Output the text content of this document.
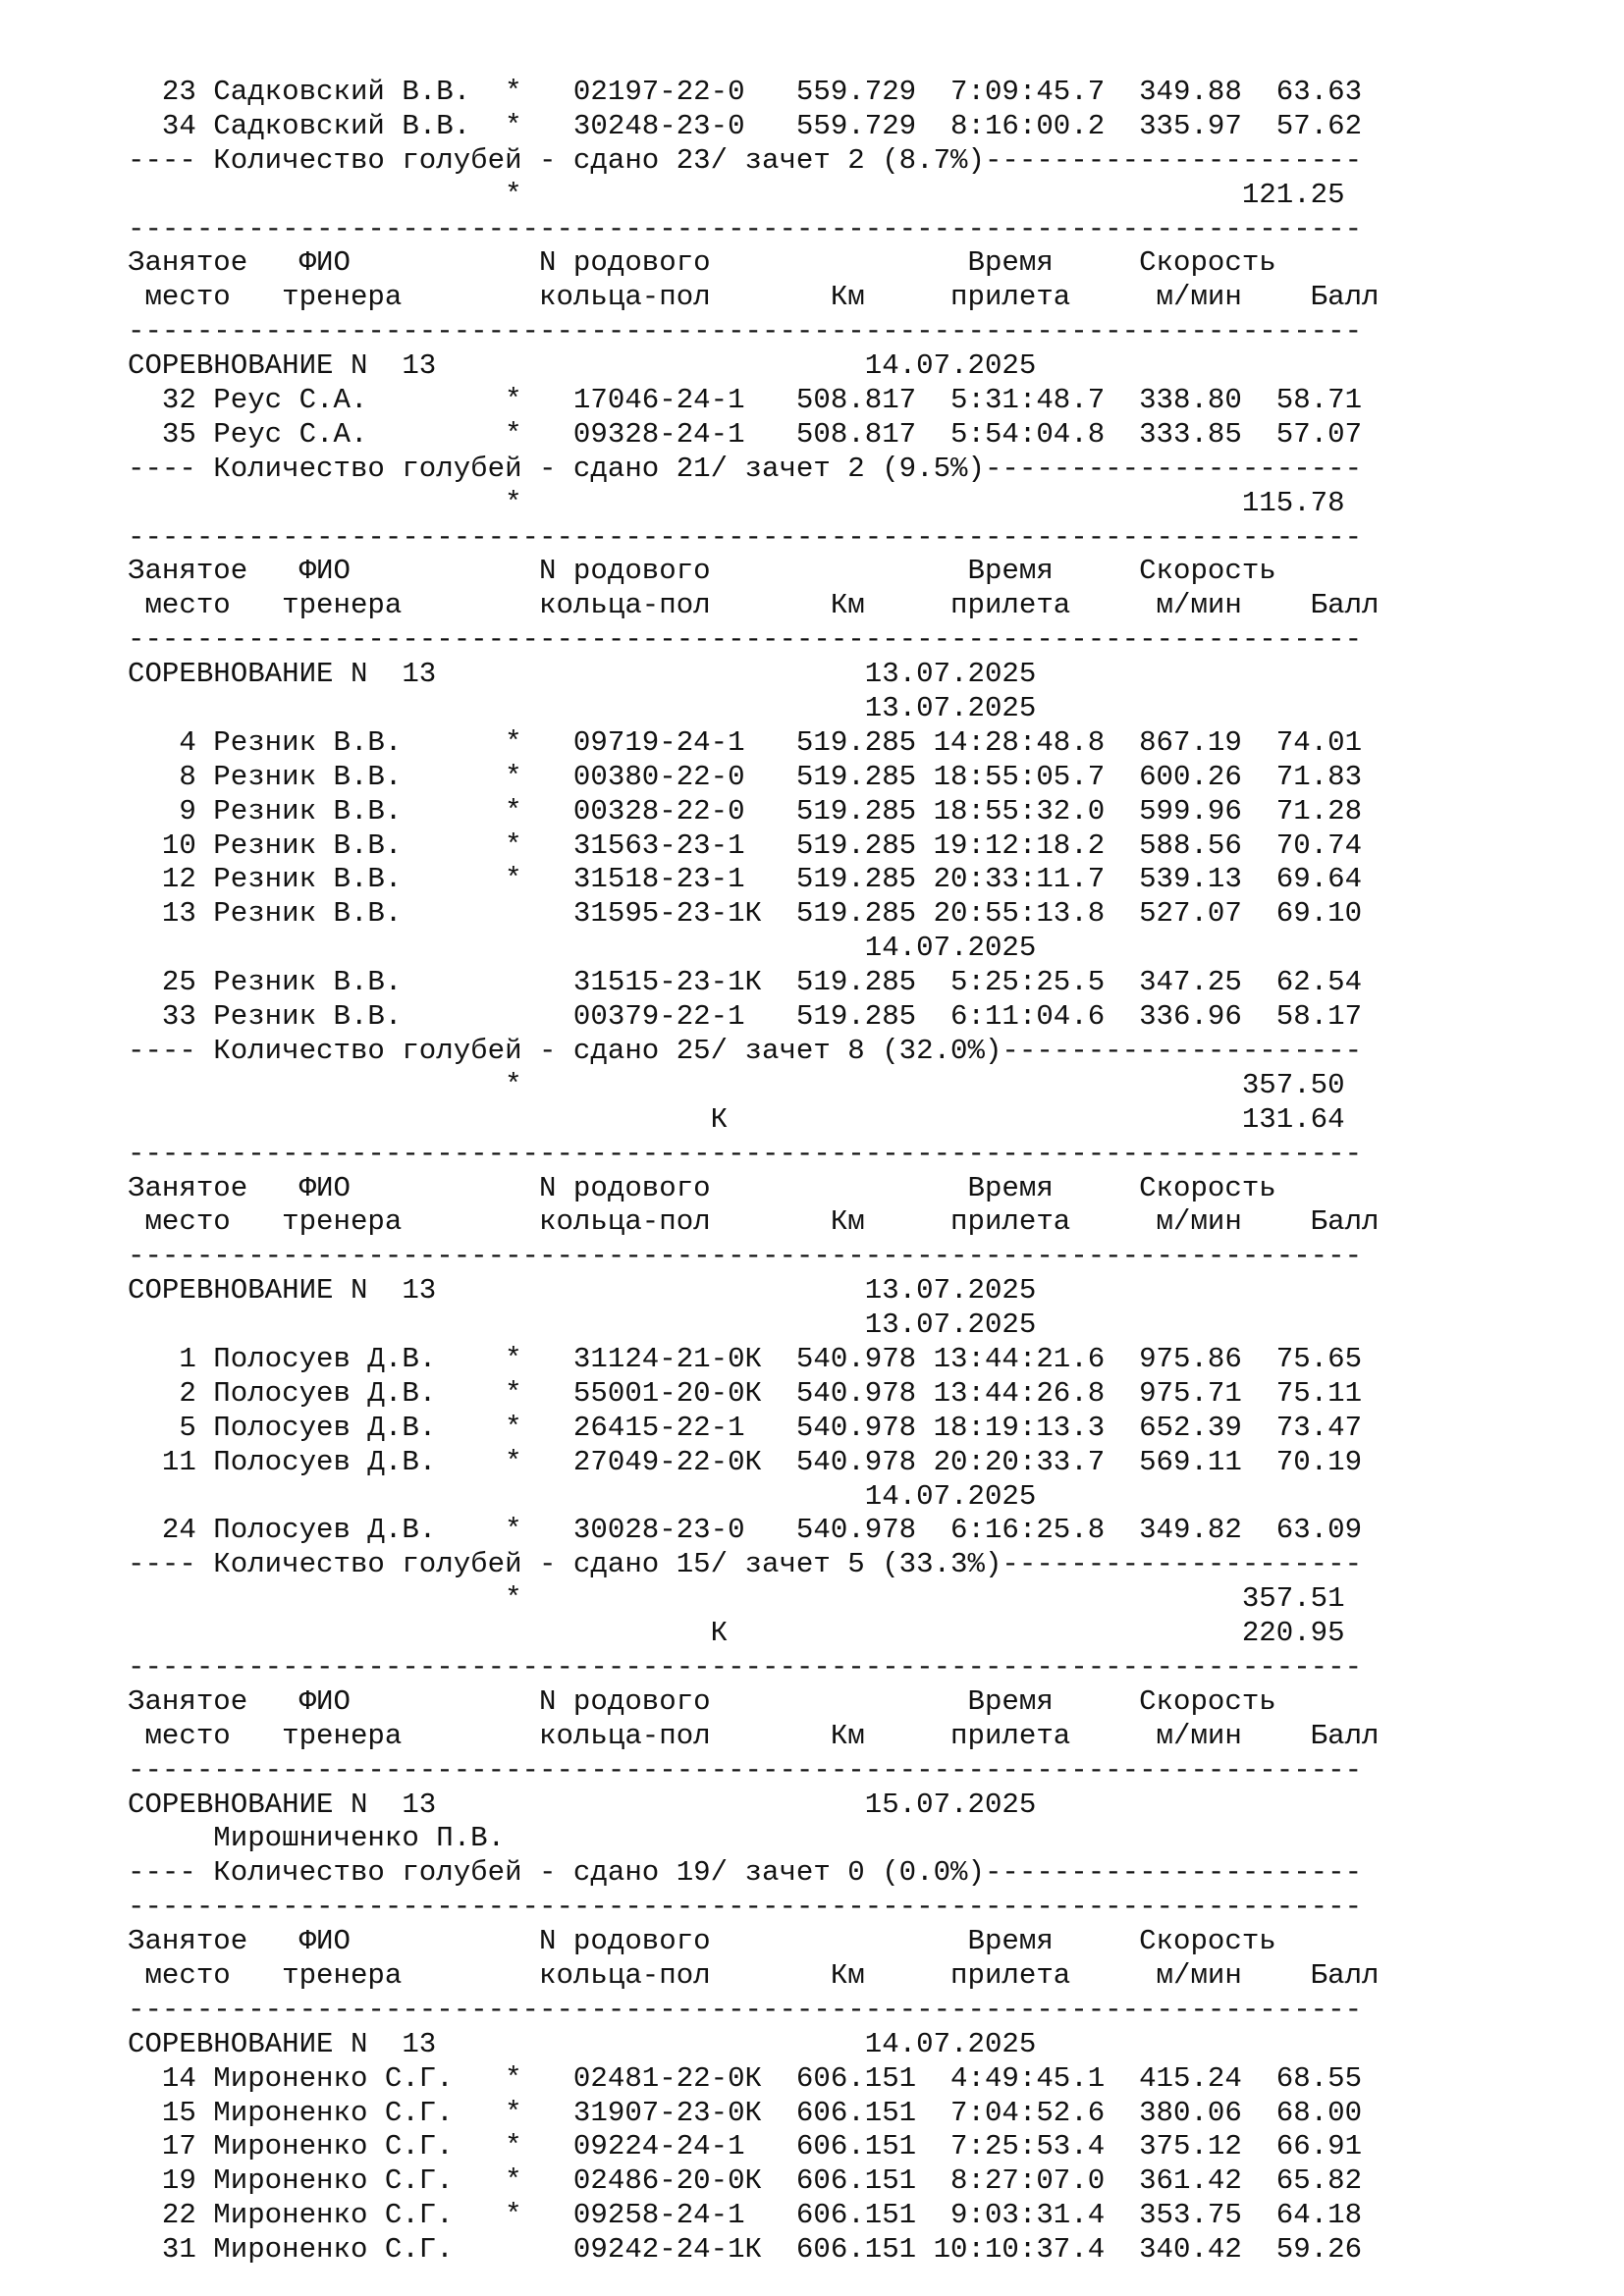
23 Садковский В.В.  *   02197-22-0   559.729  7:09:45.7  349.88  63.63
34 Садковский В.В.  *   30248-23-0   559.729  8:16:00.2  335.97  57.62
---- Количество голубей - сдано 23/ зачет 2 (8.7%)----------------------
*                                          121.25
------------------------------------------------------------------------
Занятое   ФИО           N родового               Время     Скорость
место   тренера        кольца-пол       Км     прилета     м/мин    Балл
------------------------------------------------------------------------
СОРЕВНОВАНИЕ N  13                         14.07.2025
32 Реус С.А.        *   17046-24-1   508.817  5:31:48.7  338.80  58.71
35 Реус С.А.        *   09328-24-1   508.817  5:54:04.8  333.85  57.07
---- Количество голубей - сдано 21/ зачет 2 (9.5%)----------------------
*                                          115.78
------------------------------------------------------------------------
Занятое   ФИО           N родового               Время     Скорость
место   тренера        кольца-пол       Км     прилета     м/мин    Балл
------------------------------------------------------------------------
СОРЕВНОВАНИЕ N  13                         13.07.2025
13.07.2025
4 Резник В.В.      *   09719-24-1   519.285 14:28:48.8  867.19  74.01
8 Резник В.В.      *   00380-22-0   519.285 18:55:05.7  600.26  71.83
9 Резник В.В.      *   00328-22-0   519.285 18:55:32.0  599.96  71.28
10 Резник В.В.      *   31563-23-1   519.285 19:12:18.2  588.56  70.74
12 Резник В.В.      *   31518-23-1   519.285 20:33:11.7  539.13  69.64
13 Резник В.В.          31595-23-1К  519.285 20:55:13.8  527.07  69.10
14.07.2025
25 Резник В.В.          31515-23-1К  519.285  5:25:25.5  347.25  62.54
33 Резник В.В.          00379-22-1   519.285  6:11:04.6  336.96  58.17
---- Количество голубей - сдано 25/ зачет 8 (32.0%)---------------------
*                                          357.50
К                              131.64
------------------------------------------------------------------------
Занятое   ФИО           N родового               Время     Скорость
место   тренера        кольца-пол       Км     прилета     м/мин    Балл
------------------------------------------------------------------------
СОРЕВНОВАНИЕ N  13                         13.07.2025
13.07.2025
1 Полосуев Д.В.    *   31124-21-0К  540.978 13:44:21.6  975.86  75.65
2 Полосуев Д.В.    *   55001-20-0К  540.978 13:44:26.8  975.71  75.11
5 Полосуев Д.В.    *   26415-22-1   540.978 18:19:13.3  652.39  73.47
11 Полосуев Д.В.    *   27049-22-0К  540.978 20:20:33.7  569.11  70.19
14.07.2025
24 Полосуев Д.В.    *   30028-23-0   540.978  6:16:25.8  349.82  63.09
---- Количество голубей - сдано 15/ зачет 5 (33.3%)---------------------
*                                          357.51
К                              220.95
------------------------------------------------------------------------
Занятое   ФИО           N родового               Время     Скорость
место   тренера        кольца-пол       Км     прилета     м/мин    Балл
------------------------------------------------------------------------
СОРЕВНОВАНИЕ N  13                         15.07.2025
Мирошниченко П.В.
---- Количество голубей - сдано 19/ зачет 0 (0.0%)----------------------
------------------------------------------------------------------------
Занятое   ФИО           N родового               Время     Скорость
место   тренера        кольца-пол       Км     прилета     м/мин    Балл
------------------------------------------------------------------------
СОРЕВНОВАНИЕ N  13                         14.07.2025
14 Мироненко С.Г.   *   02481-22-0К  606.151  4:49:45.1  415.24  68.55
15 Мироненко С.Г.   *   31907-23-0К  606.151  7:04:52.6  380.06  68.00
17 Мироненко С.Г.   *   09224-24-1   606.151  7:25:53.4  375.12  66.91
19 Мироненко С.Г.   *   02486-20-0К  606.151  8:27:07.0  361.42  65.82
22 Мироненко С.Г.   *   09258-24-1   606.151  9:03:31.4  353.75  64.18
31 Мироненко С.Г.       09242-24-1К  606.151 10:10:37.4  340.42  59.26
